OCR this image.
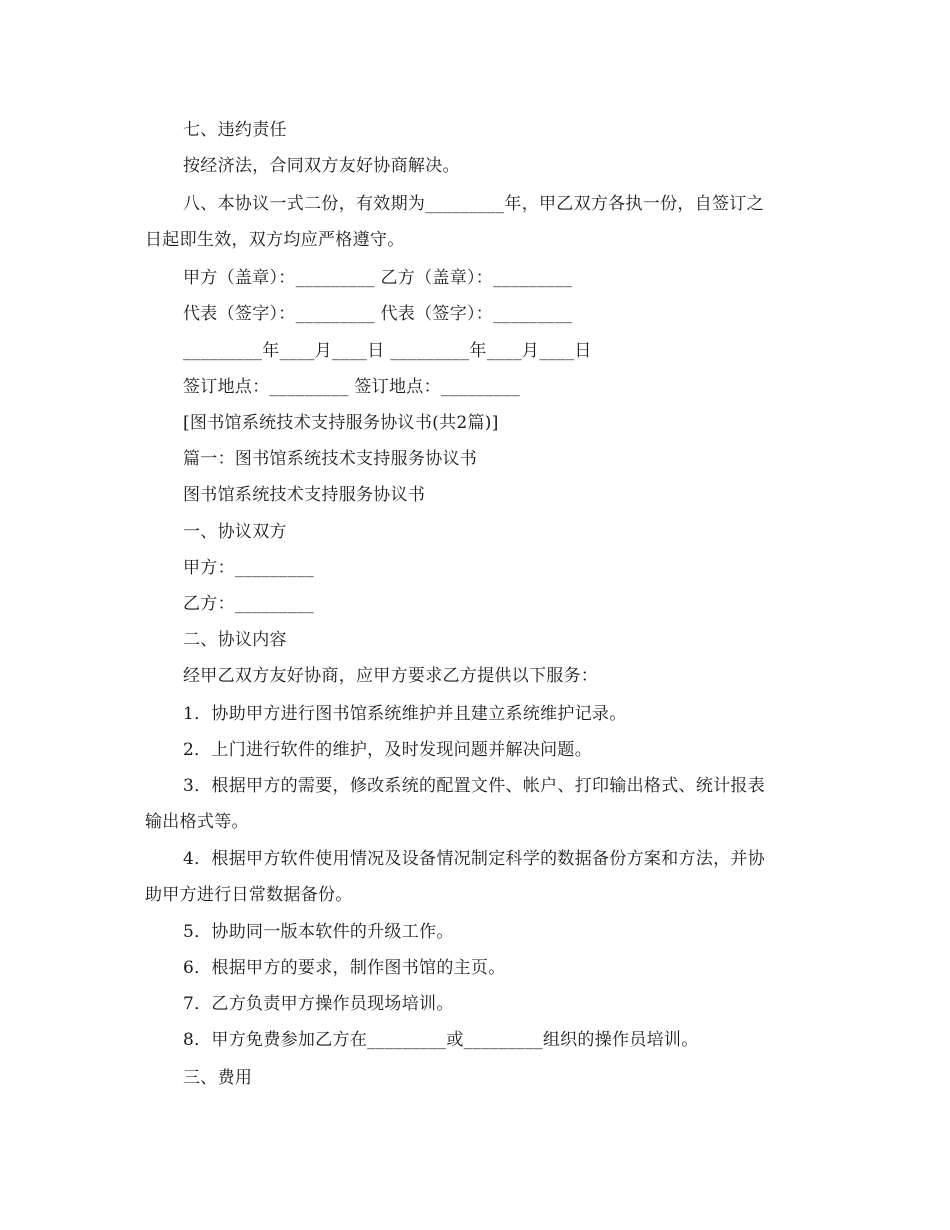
七、违约责任
按经济法，合同双方友好协商解决。
八、本协议一式二份，有效期为_________年，甲乙双方各执一份，自签订之
日起即生效，双方均应严格遵守。
甲方（盖章）：_________ 乙方（盖章）：_________
代表（签字）：_________ 代表（签字）：_________
_________年____月____日 _________年____月____日
签订地点：_________ 签订地点：_________
[图书馆系统技术支持服务协议书(共2篇)]
篇一：图书馆系统技术支持服务协议书
图书馆系统技术支持服务协议书
一、协议双方
甲方：_________
乙方：_________
二、协议内容
经甲乙双方友好协商，应甲方要求乙方提供以下服务：
1．协助甲方进行图书馆系统维护并且建立系统维护记录。
2．上门进行软件的维护，及时发现问题并解决问题。
3．根据甲方的需要，修改系统的配置文件、帐户、打印输出格式、统计报表
输出格式等。
4．根据甲方软件使用情况及设备情况制定科学的数据备份方案和方法，并协
助甲方进行日常数据备份。
5．协助同一版本软件的升级工作。
6．根据甲方的要求，制作图书馆的主页。
7．乙方负责甲方操作员现场培训。
8．甲方免费参加乙方在_________或_________组织的操作员培训。
三、费用
